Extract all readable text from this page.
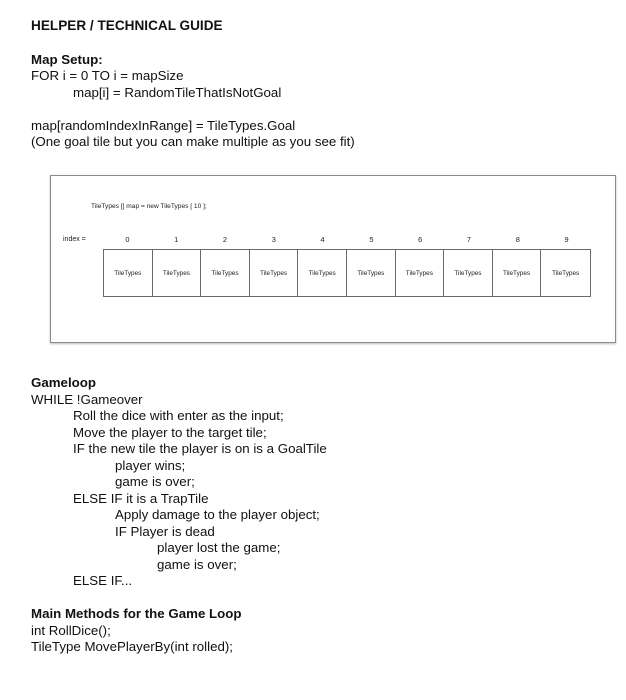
HELPER / TECHNICAL GUIDE
Map Setup:
FOR i = 0 TO i = mapSize
map[i] = RandomTileThatIsNotGoal
map[randomIndexInRange] = TileTypes.Goal
(One goal tile but you can make multiple as you see fit)
TileTypes [] map = new TileTypes [ 10 ];
index =	0	1	2	3	4	5	6	7	8	9
TileTypes	TileTypes	TileTypes	TileTypes	TileTypes	TileTypes	TileTypes	TileTypes	TileTypes	TileTypes
Gameloop
WHILE !Gameover
Roll the dice with enter as the input;
Move the player to the target tile;
IF the new tile the player is on is a GoalTile
player wins;
game is over;
ELSE IF it is a TrapTile
Apply damage to the player object;
IF Player is dead
player lost the game;
game is over;
ELSE IF...
Main Methods for the Game Loop
int RollDice();
TileType MovePlayerBy(int rolled);
